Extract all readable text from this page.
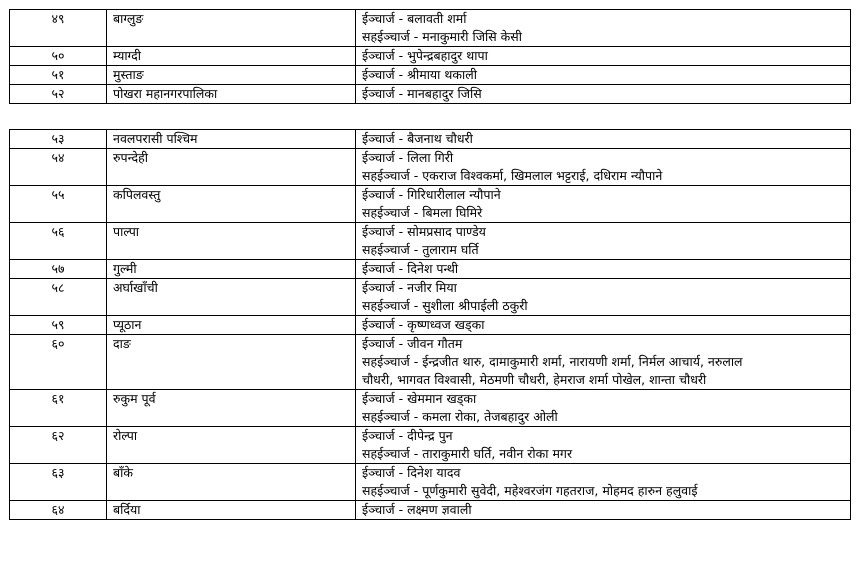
४९	बाग्लुङ	ईञ्चार्ज - बलावती शर्मा
सहईञ्चार्ज - मनाकुमारी जिसि केसी

५०	म्याग्दी	ईञ्चार्ज - भुपेन्द्रबहादुर थापा

५१	मुस्ताङ	ईञ्चार्ज - श्रीमाया थकाली

५२	पोखरा महानगरपालिका	ईञ्चार्ज - मानबहादुर जिसि
५३	नवलपरासी पश्चिम	ईञ्चार्ज - बैजनाथ चौधरी

५४	रुपन्देही	ईञ्चार्ज - लिला गिरी
सहईञ्चार्ज - एकराज विश्वकर्मा, खिमलाल भट्टराई, दधिराम न्यौपाने

५५	कपिलवस्तु	ईञ्चार्ज - गिरिधारीलाल न्यौपाने
सहईञ्चार्ज - बिमला घिमिरे

५६	पाल्पा	ईञ्चार्ज - सोमप्रसाद पाण्डेय
सहईञ्चार्ज - तुलाराम घर्ति

५७	गुल्मी	ईञ्चार्ज - दिनेश पन्थी

५८	अर्घाखाँची	ईञ्चार्ज - नजीर मिया
सहईञ्चार्ज - सुशीला श्रीपाईली ठकुरी

५९	प्यूठान	ईञ्चार्ज - कृष्णध्वज खड्का

६०	दाङ	ईञ्चार्ज - जीवन गौतम
सहईञ्चार्ज - ईन्द्रजीत थारु, दामाकुमारी शर्मा, नारायणी शर्मा, निर्मल आचार्य, नरुलाल
चौधरी, भागवत विश्वासी, मेठमणी चौधरी, हेमराज शर्मा पोखेल, शान्ता चौधरी

६१	रुकुम पूर्व	ईञ्चार्ज - खेममान खड्का
सहईञ्चार्ज - कमला रोका, तेजबहादुर ओली

६२	रोल्पा	ईञ्चार्ज - दीपेन्द्र पुन
सहईञ्चार्ज - ताराकुमारी घर्ति, नवीन रोका मगर

६३	बाँके	ईञ्चार्ज - दिनेश यादव
सहईञ्चार्ज - पूर्णकुमारी सुवेदी, महेश्वरजंग गहतराज, मोहमद हारुन हलुवाई

६४	बर्दिया	ईञ्चार्ज - लक्ष्मण ज्ञवाली
